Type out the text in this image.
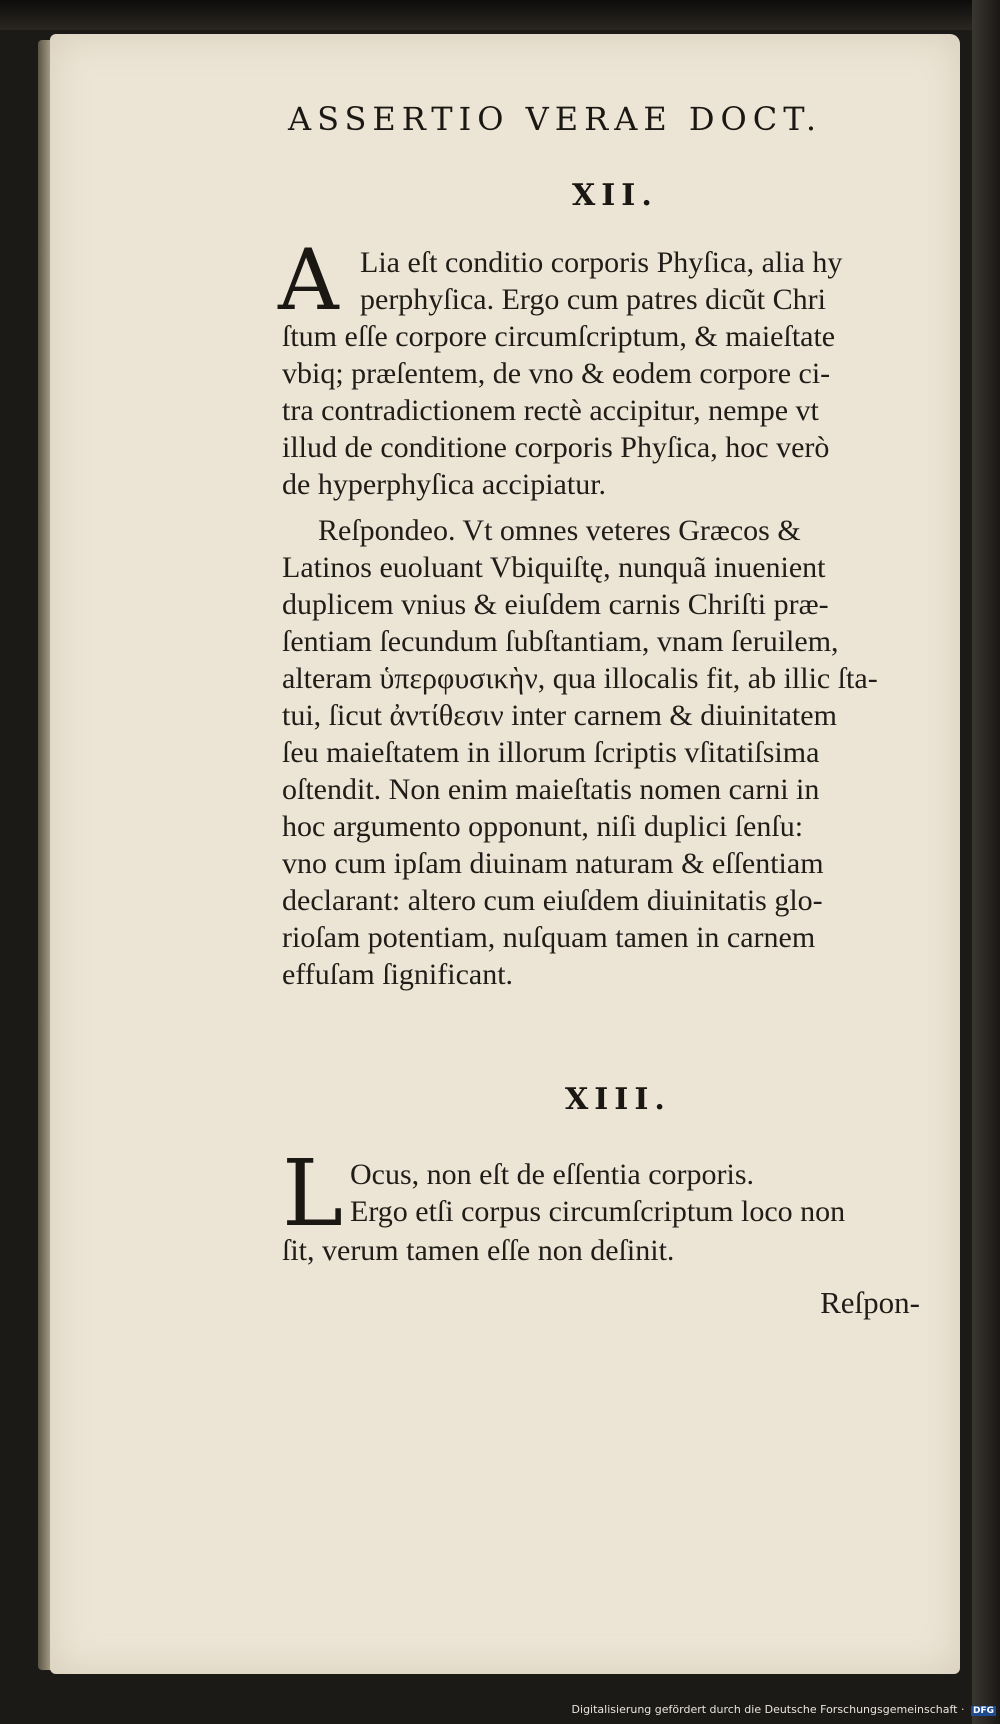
ASSERTIO VERAE DOCT.
XII.
A Lia eſt conditio corporis Phyſica, alia hy
perphyſica. Ergo cum patres dicũt Chri
ſtum eſſe corpore circumſcriptum, & maieſtate
vbiq; præſentem, de vno & eodem corpore ci-
tra contradictionem rectè accipitur, nempe vt
illud de conditione corporis Phyſica, hoc verò
de hyperphyſica accipiatur.
Reſpondeo. Vt omnes veteres Græcos &
Latinos euoluant Vbiquiſtę, nunquã inuenient
duplicem vnius & eiuſdem carnis Chriſti præ-
ſentiam ſecundum ſubſtantiam, vnam ſeruilem,
alteram ὑπερφυσικὴν, qua illocalis fit, ab illic ſta-
tui, ſicut ἀντίθεσιν inter carnem & diuinitatem
ſeu maieſtatem in illorum ſcriptis vſitatiſsima
oſtendit. Non enim maieſtatis nomen carni in
hoc argumento opponunt, niſi duplici ſenſu:
vno cum ipſam diuinam naturam & eſſentiam
declarant: altero cum eiuſdem diuinitatis glo-
rioſam potentiam, nuſquam tamen in carnem
effuſam ſignificant.
XIII.
L Ocus, non eſt de eſſentia corporis.
Ergo etſi corpus circumſcriptum loco non
ſit, verum tamen eſſe non deſinit.
Reſpon-
Digitalisierung gefördert durch die Deutsche Forschungsgemeinschaft · DFG
